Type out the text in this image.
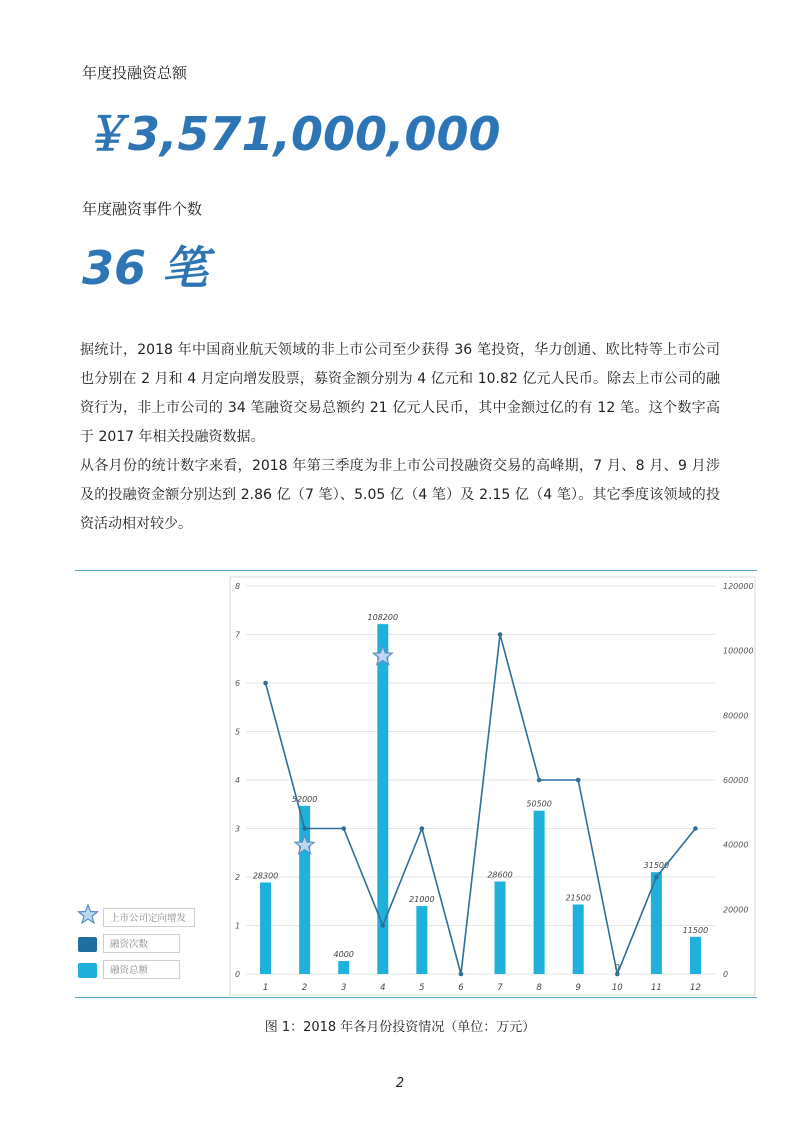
年度投融资总额
￥3,571,000,000
年度融资事件个数
36 笔

据统计，2018 年中国商业航天领域的非上市公司至少获得 36 笔投资，华力创通、欧比特等上市公司也分别在 2 月和 4 月定向增发股票，募资金额分别为 4 亿元和 10.82 亿元人民币。除去上市公司的融资行为，非上市公司的 34 笔融资交易总额约 21 亿元人民币，其中金额过亿的有 12 笔。这个数字高于 2017 年相关投融资数据。

从各月份的统计数字来看，2018 年第三季度为非上市公司投融资交易的高峰期，7 月、8 月、9 月涉及的投融资金额分别达到 2.86 亿（7 笔）、5.05 亿（4 笔）及 2.15 亿（4 笔）。其它季度该领域的投资活动相对较少。

0
1
2
3
4
5
6
7
8
0
20000
40000
60000
80000
100000
120000
28300
52000
4000
108200
21000
28600
50500
21500
0
31500
11500
1	2	3	4	5	6	7	8	9	10	11	12
上市公司定向增发
融资次数
融资总额
图 1：2018 年各月份投资情况（单位：万元）
2
